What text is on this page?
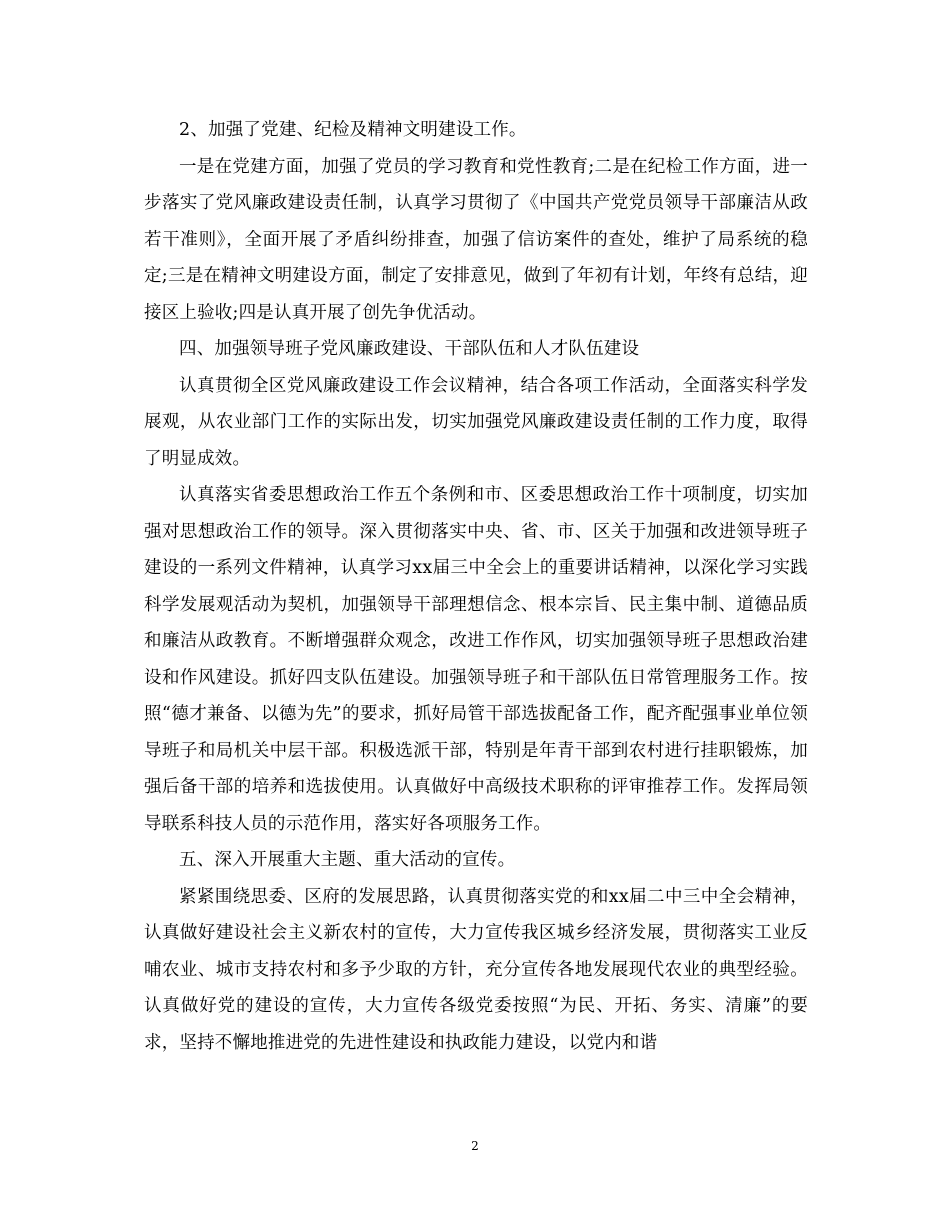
2、加强了党建、纪检及精神文明建设工作。

一是在党建方面，加强了党员的学习教育和党性教育;二是在纪检工作方面，进一步落实了党风廉政建设责任制，认真学习贯彻了《中国共产党党员领导干部廉洁从政若干准则》，全面开展了矛盾纠纷排查，加强了信访案件的查处，维护了局系统的稳定;三是在精神文明建设方面，制定了安排意见，做到了年初有计划，年终有总结，迎接区上验收;四是认真开展了创先争优活动。

四、加强领导班子党风廉政建设、干部队伍和人才队伍建设

认真贯彻全区党风廉政建设工作会议精神，结合各项工作活动，全面落实科学发展观，从农业部门工作的实际出发，切实加强党风廉政建设责任制的工作力度，取得了明显成效。

认真落实省委思想政治工作五个条例和市、区委思想政治工作十项制度，切实加强对思想政治工作的领导。深入贯彻落实中央、省、市、区关于加强和改进领导班子建设的一系列文件精神，认真学习xx届三中全会上的重要讲话精神，以深化学习实践科学发展观活动为契机，加强领导干部理想信念、根本宗旨、民主集中制、道德品质和廉洁从政教育。不断增强群众观念，改进工作作风，切实加强领导班子思想政治建设和作风建设。抓好四支队伍建设。加强领导班子和干部队伍日常管理服务工作。按照“德才兼备、以德为先”的要求，抓好局管干部选拔配备工作，配齐配强事业单位领导班子和局机关中层干部。积极选派干部，特别是年青干部到农村进行挂职锻炼，加强后备干部的培养和选拔使用。认真做好中高级技术职称的评审推荐工作。发挥局领导联系科技人员的示范作用，落实好各项服务工作。

五、深入开展重大主题、重大活动的宣传。

紧紧围绕思委、区府的发展思路，认真贯彻落实党的和xx届二中三中全会精神，认真做好建设社会主义新农村的宣传，大力宣传我区城乡经济发展，贯彻落实工业反哺农业、城市支持农村和多予少取的方针，充分宣传各地发展现代农业的典型经验。认真做好党的建设的宣传，大力宣传各级党委按照“为民、开拓、务实、清廉”的要求，坚持不懈地推进党的先进性建设和执政能力建设，以党内和谐

2
